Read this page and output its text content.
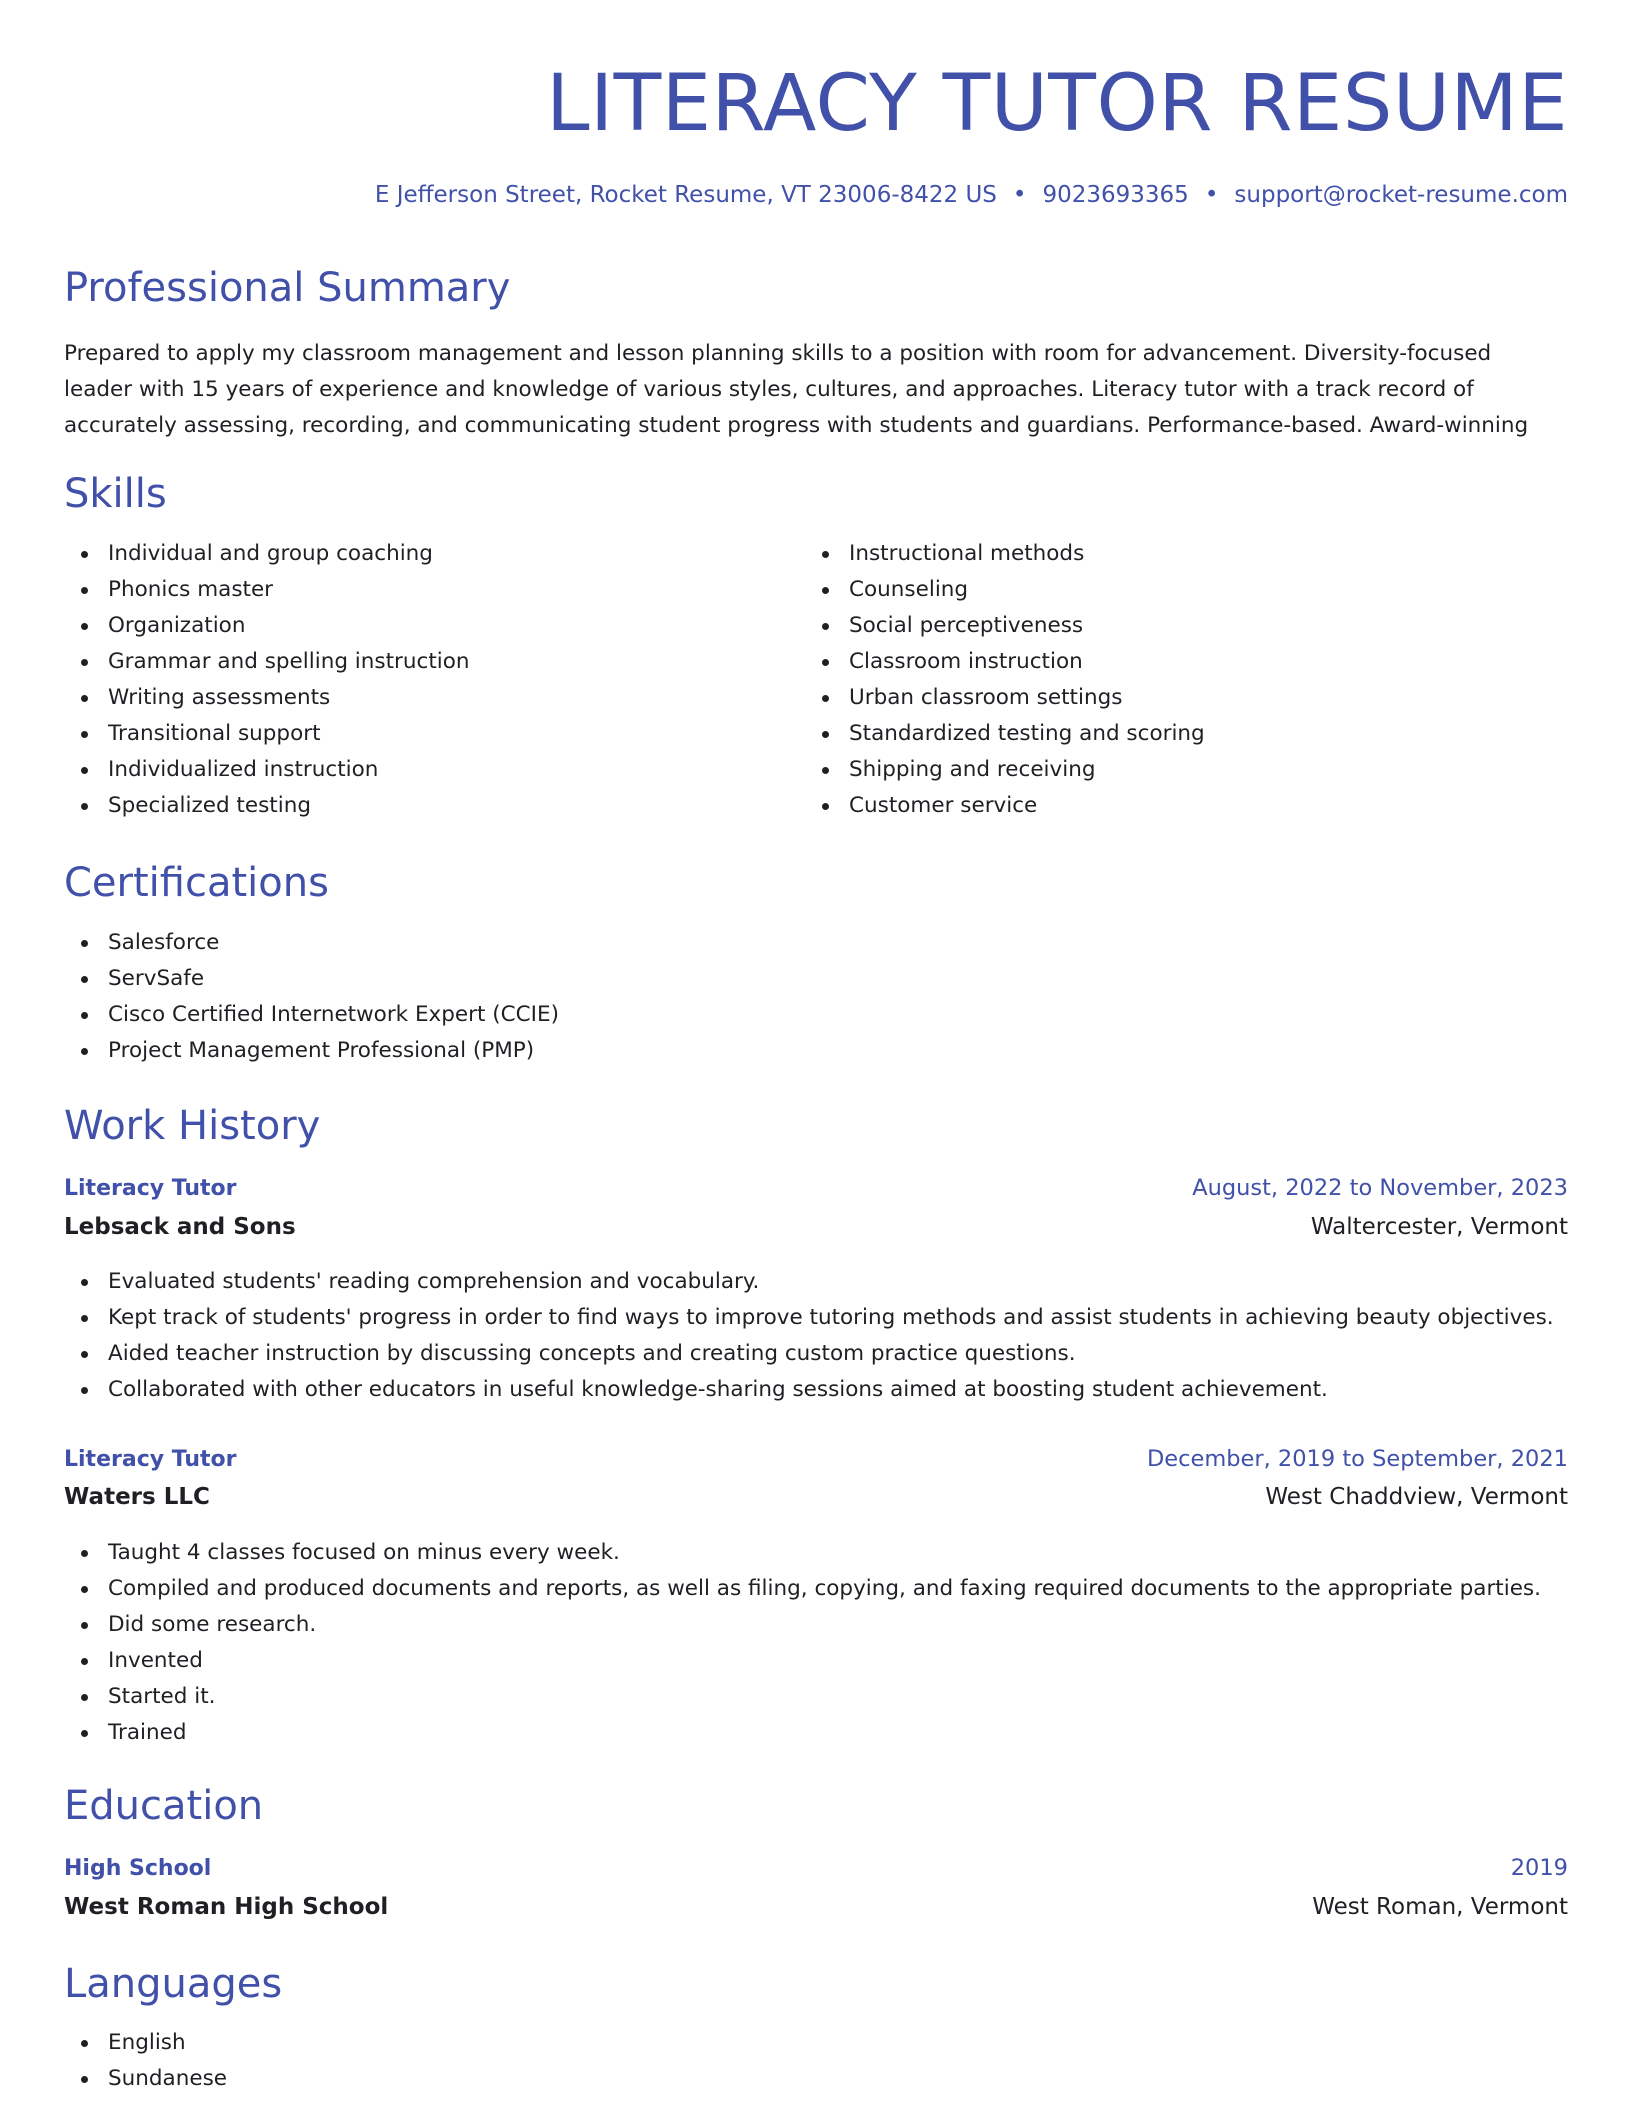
LITERACY TUTOR RESUME
E Jefferson Street, Rocket Resume, VT 23006-8422 US • 9023693365 • support@rocket-resume.com
Professional Summary

Prepared to apply my classroom management and lesson planning skills to a position with room for advancement. Diversity-focused leader with 15 years of experience and knowledge of various styles, cultures, and approaches. Literacy tutor with a track record of accurately assessing, recording, and communicating student progress with students and guardians. Performance-based. Award-winning

Skills
Individual and group coaching
Phonics master
Organization
Grammar and spelling instruction
Writing assessments
Transitional support
Individualized instruction
Specialized testing
Instructional methods
Counseling
Social perceptiveness
Classroom instruction
Urban classroom settings
Standardized testing and scoring
Shipping and receiving
Customer service
Certifications
Salesforce
ServSafe
Cisco Certified Internetwork Expert (CCIE)
Project Management Professional (PMP)
Work History
Literacy Tutor	August, 2022 to November, 2023
Lebsack and Sons	Waltercester, Vermont
Evaluated students' reading comprehension and vocabulary.
Kept track of students' progress in order to find ways to improve tutoring methods and assist students in achieving beauty objectives.
Aided teacher instruction by discussing concepts and creating custom practice questions.
Collaborated with other educators in useful knowledge-sharing sessions aimed at boosting student achievement.
Literacy Tutor	December, 2019 to September, 2021
Waters LLC	West Chaddview, Vermont
Taught 4 classes focused on minus every week.
Compiled and produced documents and reports, as well as filing, copying, and faxing required documents to the appropriate parties.
Did some research.
Invented
Started it.
Trained
Education
High School	2019
West Roman High School	West Roman, Vermont
Languages
English
Sundanese
